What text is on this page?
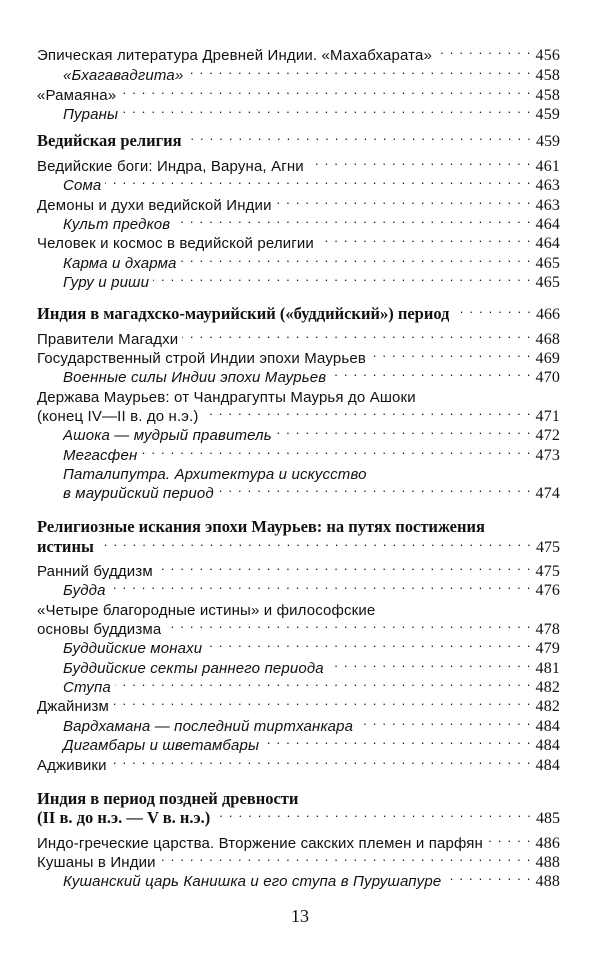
Эпическая литература Древней Индии. «Махабхарата» . . .	456
«Бхагавадгита» . . .	458
«Рамаяна» . . .	458
Пураны . . .	459
Ведийская религия . . .	459
Ведийские боги: Индра, Варуна, Агни . . .	461
Сома . . .	463
Демоны и духи ведийской Индии . . .	463
Культ предков . . .	464
Человек и космос в ведийской религии . . .	464
Карма и дхарма . . .	465
Гуру и риши . . .	465
Индия в магадхско-маурийский («буддийский») период . . .	466
Правители Магадхи . . .	468
Государственный строй Индии эпохи Маурьев . . .	469
Военные силы Индии эпохи Маурьев . . .	470
Держава Маурьев: от Чандрагупты Маурья до Ашоки
(конец IV—II в. до н.э.) . . .	471
Ашока — мудрый правитель . . .	472
Мегасфен . . .	473
Паталипутра. Архитектура и искусство
в маурийский период . . .	474
Религиозные искания эпохи Маурьев: на путях постижения
истины . . .	475
Ранний буддизм . . .	475
Будда . . .	476
«Четыре благородные истины» и философские
основы буддизма . . .	478
Буддийские монахи . . .	479
Буддийские секты раннего периода . . .	481
Ступа . . .	482
Джайнизм . . .	482
Вардхамана — последний тиртханкара . . .	484
Дигамбары и шветамбары . . .	484
Адживики . . .	484
Индия в период поздней древности
(II в. до н.э. — V в. н.э.) . . .	485
Индо-греческие царства. Вторжение сакских племен и парфян . . .	486
Кушаны в Индии . . .	488
Кушанский царь Канишка и его ступа в Пурушапуре . . .	488
13
